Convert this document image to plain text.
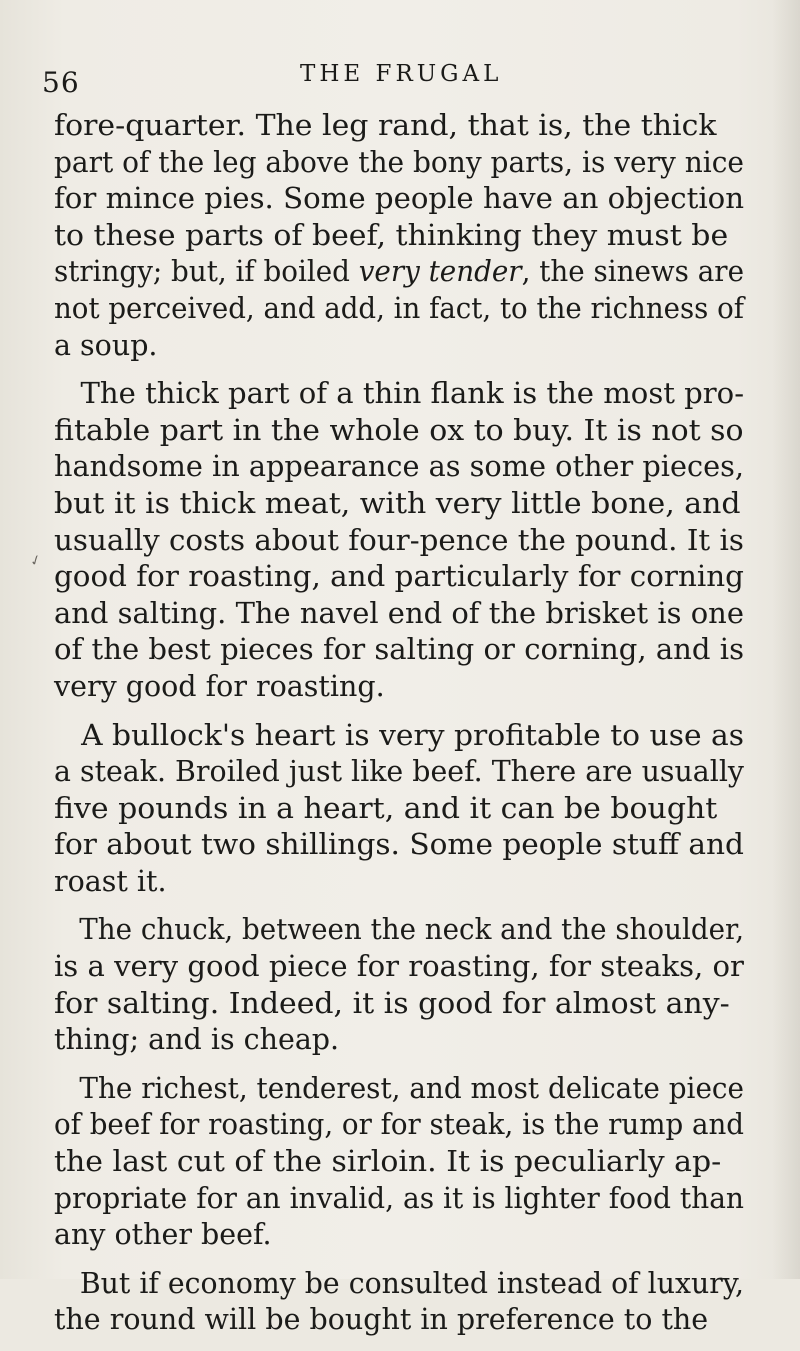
56	THE FRUGAL
✓
fore-quarter. The leg rand, that is, the thick
part of the leg above the bony parts, is very nice
for mince pies. Some people have an objection
to these parts of beef, thinking they must be
stringy; but, if boiled very tender, the sinews are
not perceived, and add, in fact, to the richness of
a soup.
The thick part of a thin flank is the most pro-
fitable part in the whole ox to buy. It is not so
handsome in appearance as some other pieces,
but it is thick meat, with very little bone, and
usually costs about four-pence the pound. It is
good for roasting, and particularly for corning
and salting. The navel end of the brisket is one
of the best pieces for salting or corning, and is
very good for roasting.
A bullock's heart is very profitable to use as
a steak. Broiled just like beef. There are usually
five pounds in a heart, and it can be bought
for about two shillings. Some people stuff and
roast it.
The chuck, between the neck and the shoulder,
is a very good piece for roasting, for steaks, or
for salting. Indeed, it is good for almost any-
thing; and is cheap.
The richest, tenderest, and most delicate piece
of beef for roasting, or for steak, is the rump and
the last cut of the sirloin. It is peculiarly ap-
propriate for an invalid, as it is lighter food than
any other beef.
But if economy be consulted instead of luxury,
the round will be bought in preference to the
